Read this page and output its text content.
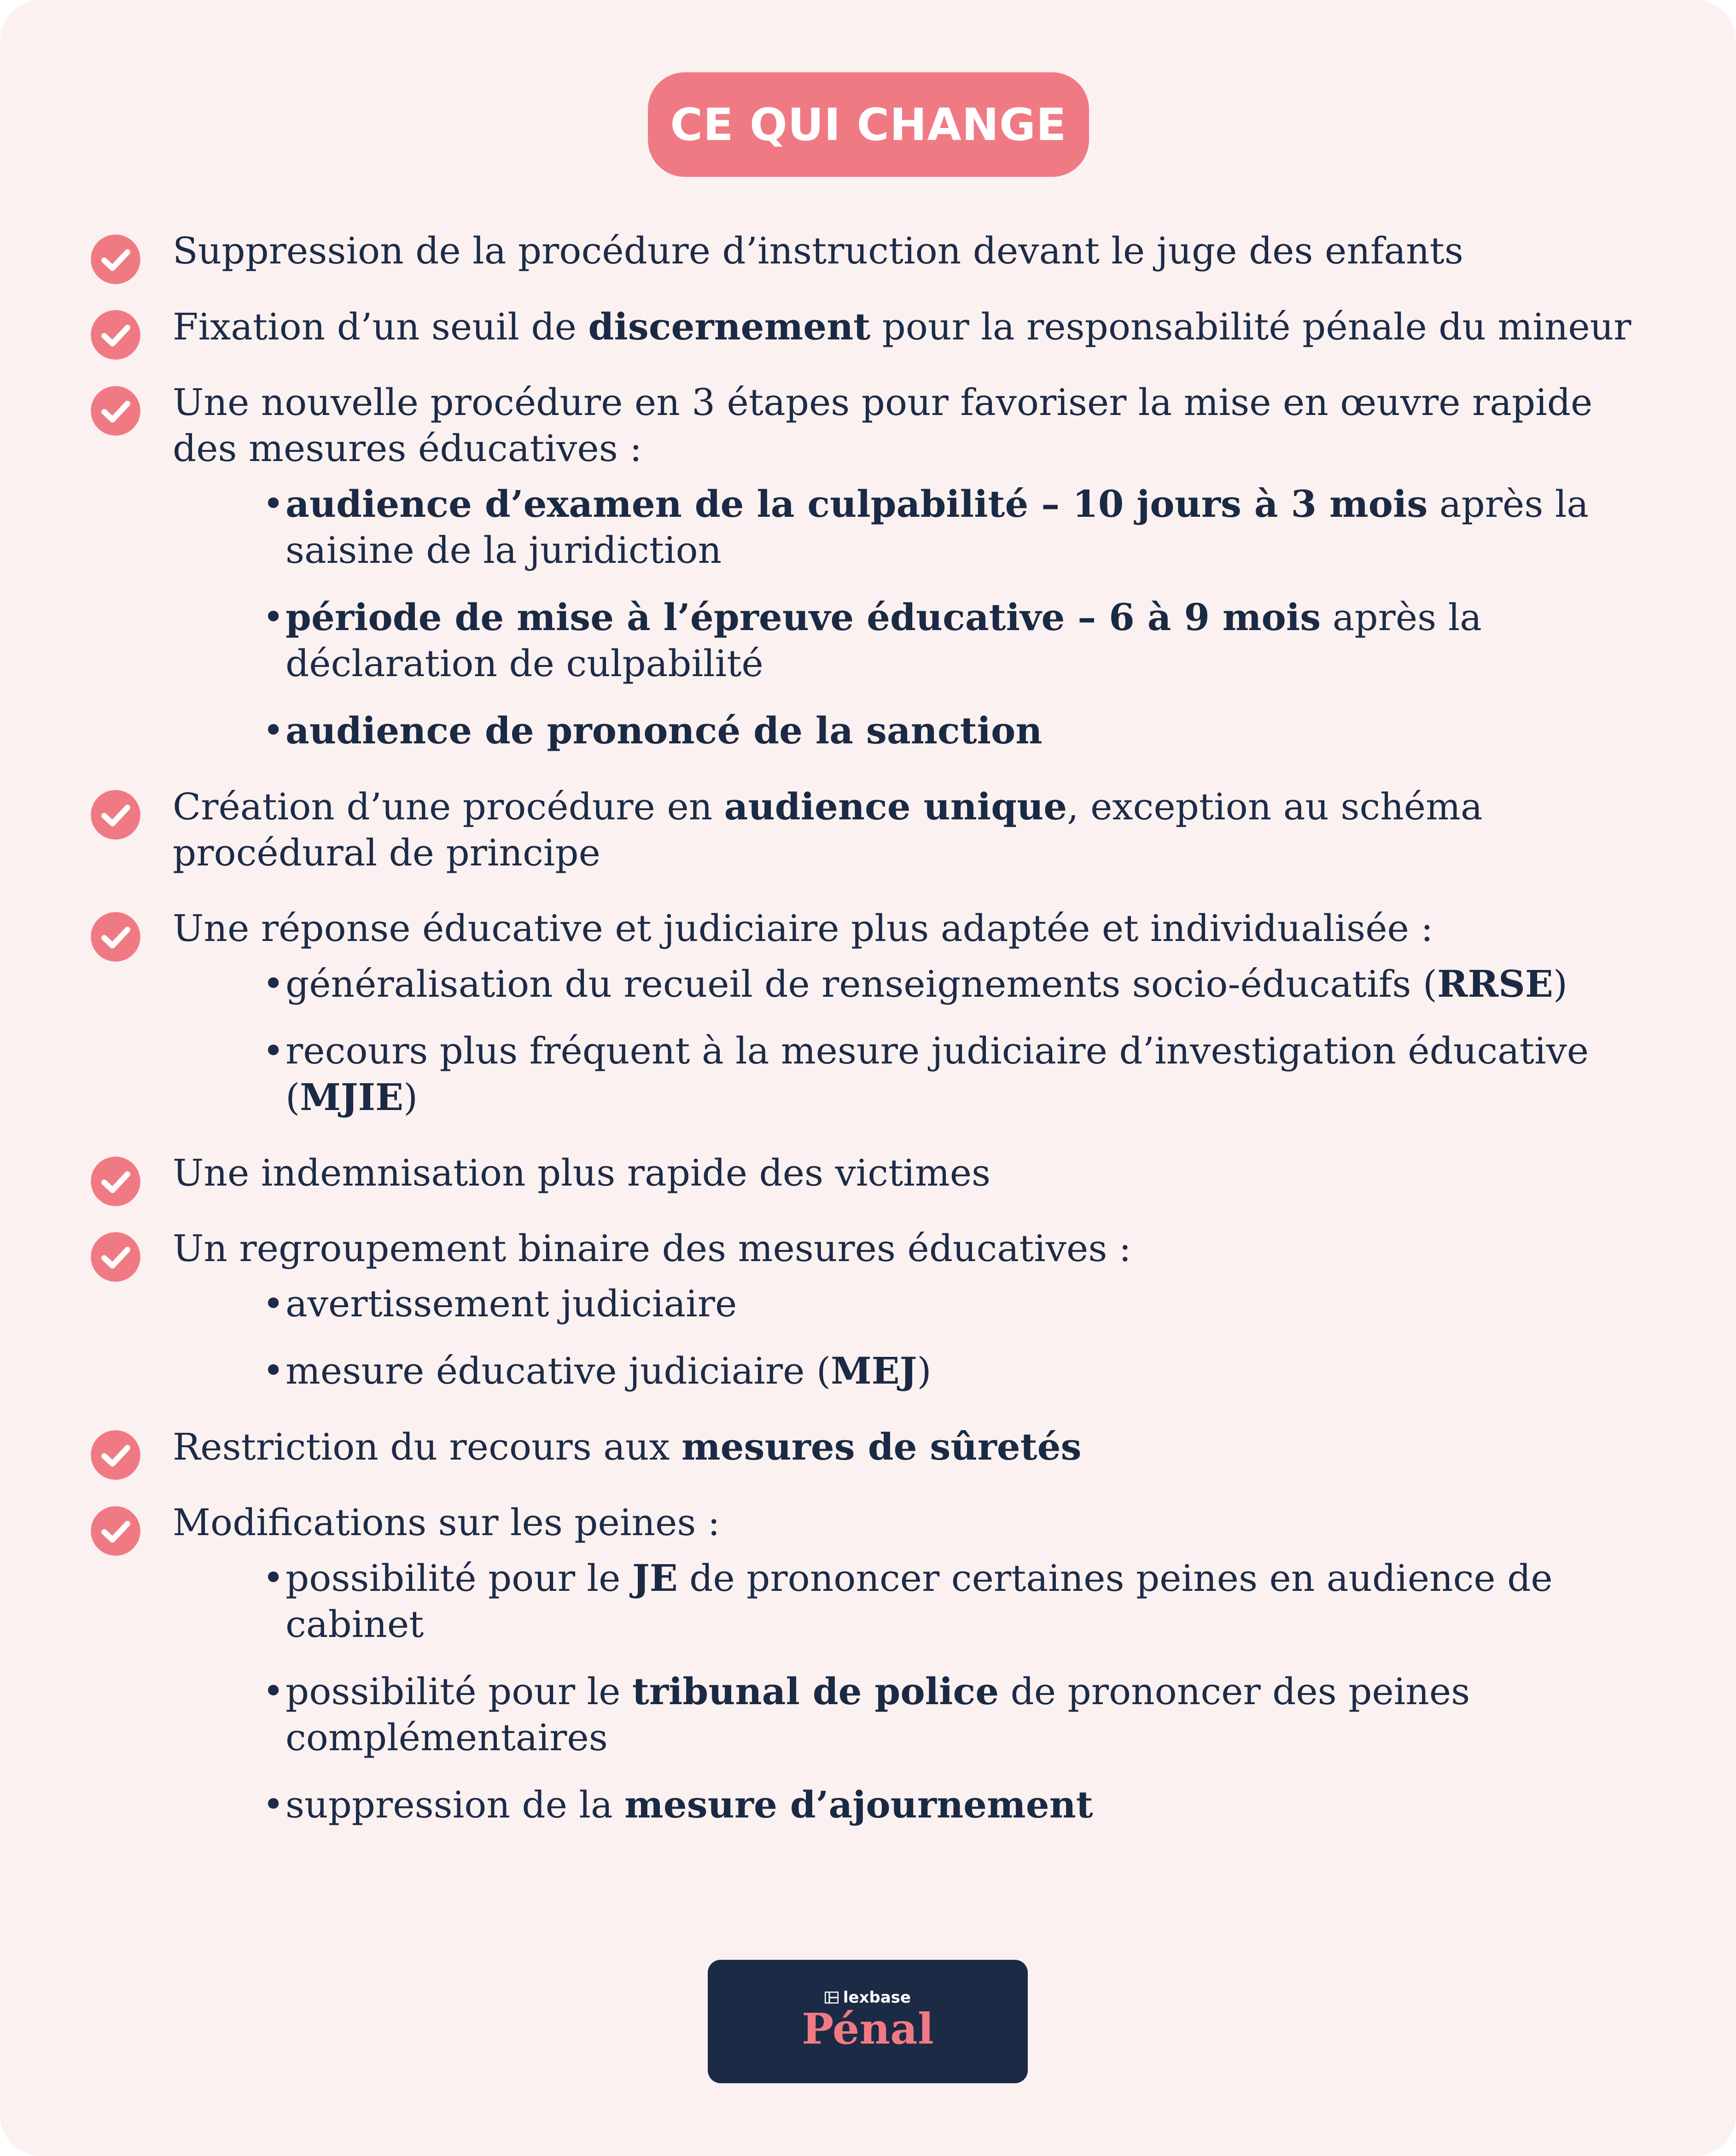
CE QUI CHANGE
Suppression de la procédure d’instruction devant le juge des enfants
Fixation d’un seuil de discernement pour la responsabilité pénale du mineur
Une nouvelle procédure en 3 étapes pour favoriser la mise en œuvre rapide des mesures éducatives :
• audience d’examen de la culpabilité – 10 jours à 3 mois après la saisine de la juridiction
• période de mise à l’épreuve éducative – 6 à 9 mois après la déclaration de culpabilité
• audience de prononcé de la sanction
Création d’une procédure en audience unique, exception au schéma procédural de principe
Une réponse éducative et judiciaire plus adaptée et individualisée :
• généralisation du recueil de renseignements socio-éducatifs (RRSE)
• recours plus fréquent à la mesure judiciaire d’investigation éducative (MJIE)
Une indemnisation plus rapide des victimes
Un regroupement binaire des mesures éducatives :
• avertissement judiciaire
• mesure éducative judiciaire (MEJ)
Restriction du recours aux mesures de sûretés
Modifications sur les peines :
• possibilité pour le JE de prononcer certaines peines en audience de cabinet
• possibilité pour le tribunal de police de prononcer des peines complémentaires
• suppression de la mesure d’ajournement
lexbase
Pénal
